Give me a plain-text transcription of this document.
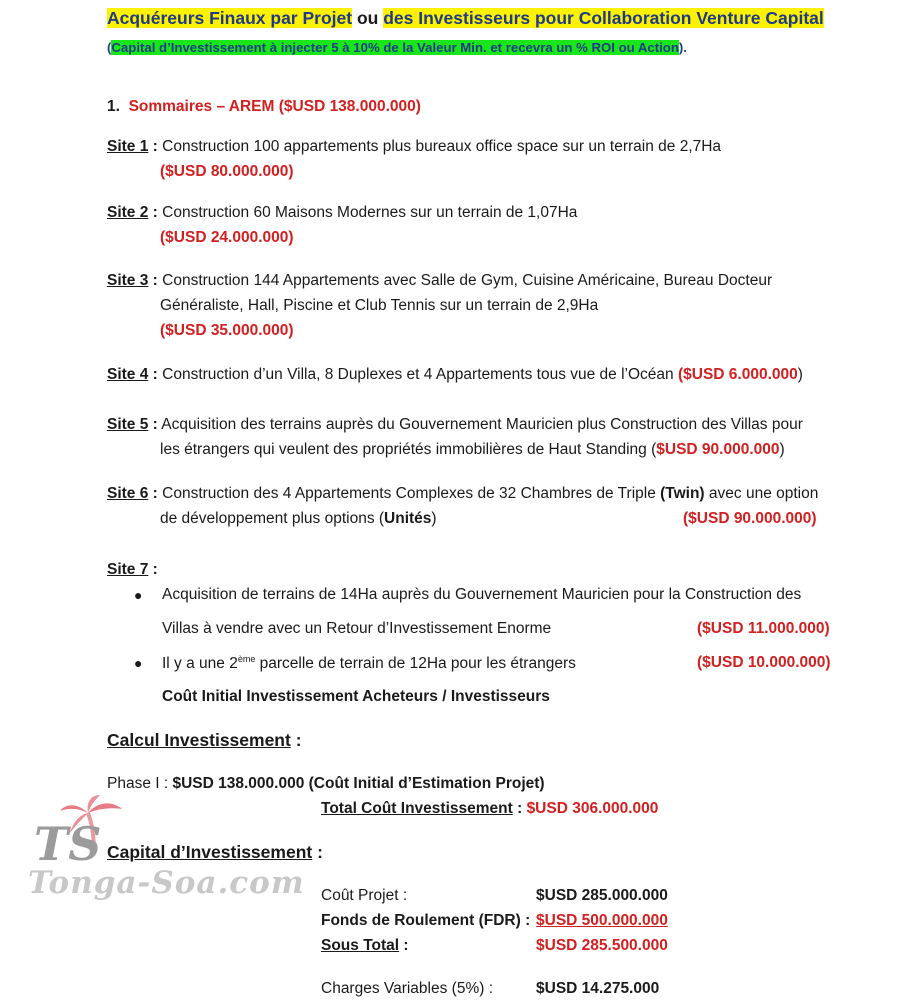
Acquéreurs Finaux par Projet ou des Investisseurs pour Collaboration Venture Capital
(Capital d’Investissement à injecter 5 à 10% de la Valeur Min. et recevra un % ROI ou Action).
1. Sommaires – AREM ($USD 138.000.000)
Site 1 : Construction 100 appartements plus bureaux office space sur un terrain de 2,7Ha
($USD 80.000.000)
Site 2 : Construction 60 Maisons Modernes sur un terrain de 1,07Ha
($USD 24.000.000)
Site 3 : Construction 144 Appartements avec Salle de Gym, Cuisine Américaine, Bureau Docteur
Généraliste, Hall, Piscine et Club Tennis sur un terrain de 2,9Ha
($USD 35.000.000)
Site 4 : Construction d’un Villa, 8 Duplexes et 4 Appartements tous vue de l’Océan ($USD 6.000.000)
Site 5 : Acquisition des terrains auprès du Gouvernement Mauricien plus Construction des Villas pour
les étrangers qui veulent des propriétés immobilières de Haut Standing ($USD 90.000.000)
Site 6 : Construction des 4 Appartements Complexes de 32 Chambres de Triple (Twin) avec une option
de développement plus options (Unités)	($USD 90.000.000)
Site 7 :
● Acquisition de terrains de 14Ha auprès du Gouvernement Mauricien pour la Construction des
Villas à vendre avec un Retour d’Investissement Enorme	($USD 11.000.000)
● Il y a une 2ème parcelle de terrain de 12Ha pour les étrangers	($USD 10.000.000)
Coût Initial Investissement Acheteurs / Investisseurs
Calcul Investissement :
Phase I : $USD 138.000.000 (Coût Initial d’Estimation Projet)
Total Coût Investissement : $USD 306.000.000
TS
Tonga-Soa.com
Capital d’Investissement :
Coût Projet :	$USD 285.000.000
Fonds de Roulement (FDR) : $USD 500.000.000
Sous Total :	$USD 285.500.000
Charges Variables (5%) :	$USD 14.275.000
